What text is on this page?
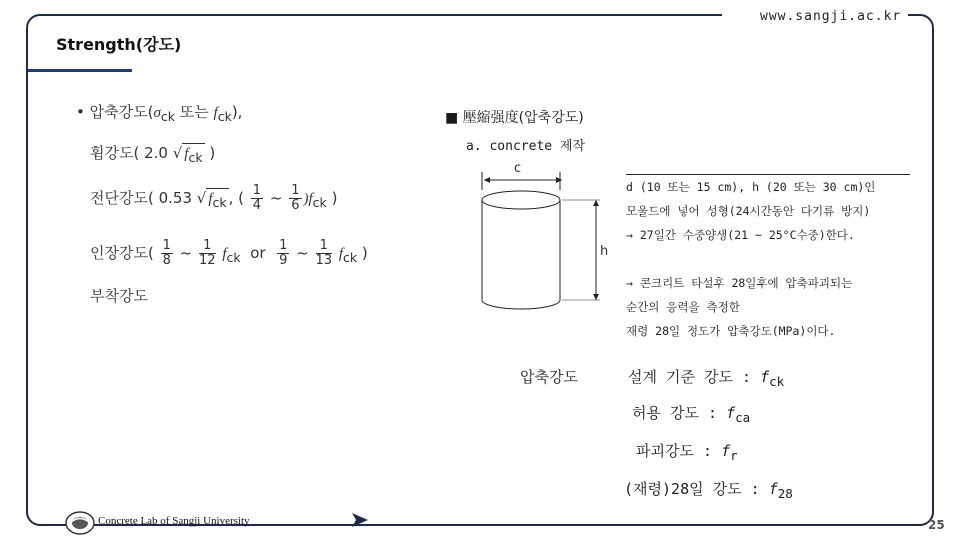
www.sangji.ac.kr
Strength(강도)
• 압축강도($\sigma_{ck}$ 또는 $f_{ck}$),
휨강도( 2.0 √ $f_{ck}$ )
전단강도( 0.53 √ $f_{ck}$ , ( $\frac{1}{4}$ ~ $\frac{1}{6} )f_{ck}$ )
인장강도( $\frac{1}{8}$ ~ $\frac{1}{12} f_{ck}$ or $\frac{1}{9}$ ~ $\frac{1}{13} f_{ck}$ )
부착강도
■ 壓縮强度(압축강도)
a. concrete 제작
c
h
d (10 또는 15 cm), h (20 또는 30 cm)인
모울드에 넣어 성형(24시간동안 다기류 방지)
→ 27일간 수중양생(21 ~ 25°C수중)한다.

→ 콘크리트 타설후 28일후에 압축파괴되는
순간의 응력을 측정한
재령 28일 정도가 압축강도(MPa)이다.
압축강도	설계 기준 강도 : $f_{ck}$
허용 강도 : $f_{ca}$
파괴강도 : $f_r$
(재령)28일 강도 : $f_{28}$
Concrete Lab of Sangji University	25
